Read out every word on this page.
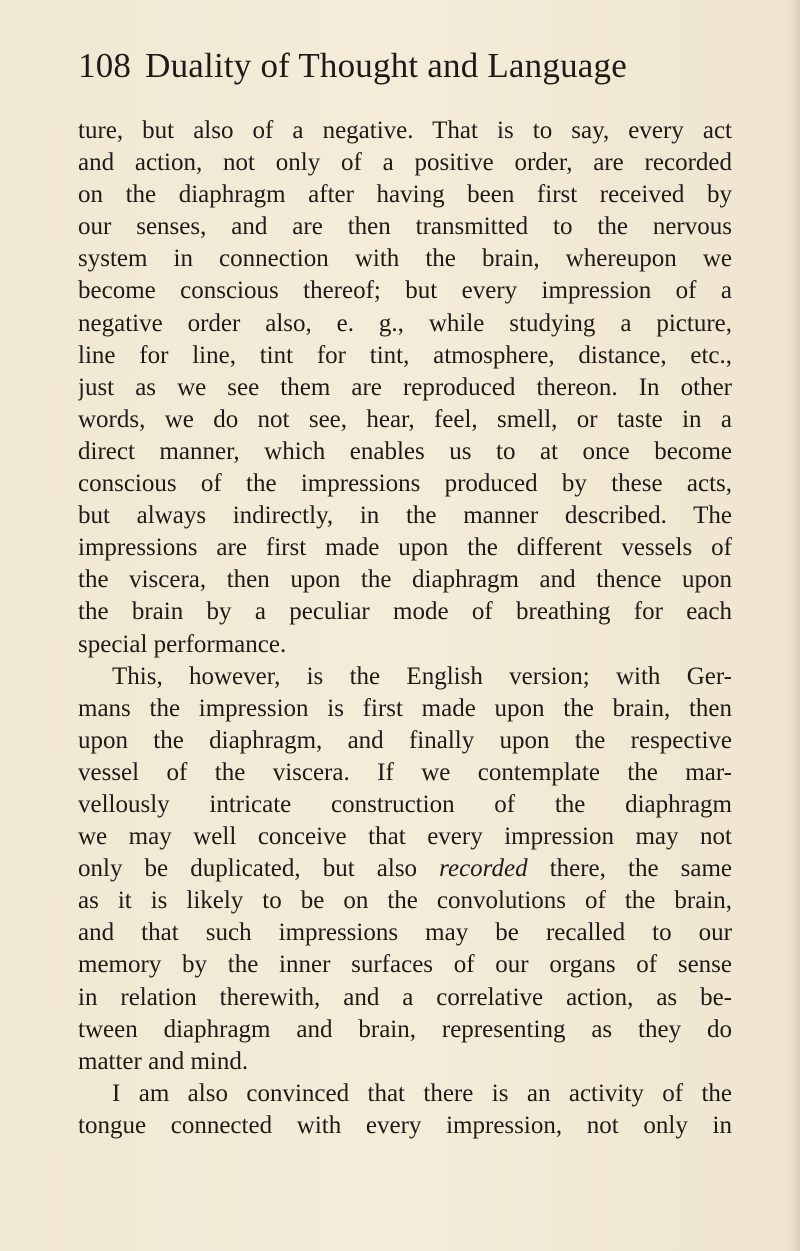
108 Duality of Thought and Language
ture, but also of a negative. That is to say, every act
and action, not only of a positive order, are recorded
on the diaphragm after having been first received by
our senses, and are then transmitted to the nervous
system in connection with the brain, whereupon we
become conscious thereof; but every impression of a
negative order also, e. g., while studying a picture,
line for line, tint for tint, atmosphere, distance, etc.,
just as we see them are reproduced thereon. In other
words, we do not see, hear, feel, smell, or taste in a
direct manner, which enables us to at once become
conscious of the impressions produced by these acts,
but always indirectly, in the manner described. The
impressions are first made upon the different vessels of
the viscera, then upon the diaphragm and thence upon
the brain by a peculiar mode of breathing for each
special performance.
This, however, is the English version; with Ger-
mans the impression is first made upon the brain, then
upon the diaphragm, and finally upon the respective
vessel of the viscera. If we contemplate the mar-
vellously intricate construction of the diaphragm
we may well conceive that every impression may not
only be duplicated, but also recorded there, the same
as it is likely to be on the convolutions of the brain,
and that such impressions may be recalled to our
memory by the inner surfaces of our organs of sense
in relation therewith, and a correlative action, as be-
tween diaphragm and brain, representing as they do
matter and mind.
I am also convinced that there is an activity of the
tongue connected with every impression, not only in
